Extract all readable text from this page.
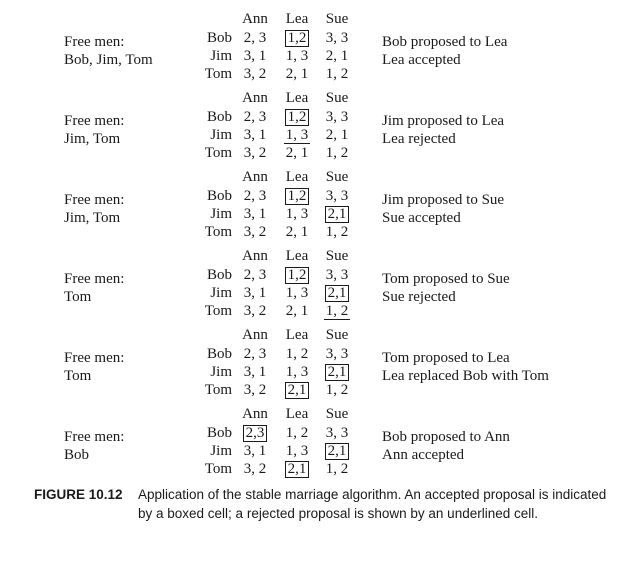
Free men:
Bob, Jim, Tom
Ann	Lea	Sue
Bob 2, 3	1,2	3, 3
Jim 3, 1	1, 3	2, 1
Tom 3, 2	2, 1	1, 2
Bob proposed to Lea
Lea accepted
Free men:
Jim, Tom
Ann	Lea	Sue
Bob 2, 3	1,2	3, 3
Jim 3, 1	1, 3	2, 1
Tom 3, 2	2, 1	1, 2
Jim proposed to Lea
Lea rejected
Free men:
Jim, Tom
Ann	Lea	Sue
Bob 2, 3	1,2	3, 3
Jim 3, 1	1, 3	2,1
Tom 3, 2	2, 1	1, 2
Jim proposed to Sue
Sue accepted
Free men:
Tom
Ann	Lea	Sue
Bob 2, 3	1,2	3, 3
Jim 3, 1	1, 3	2,1
Tom 3, 2	2, 1	1, 2
Tom proposed to Sue
Sue rejected
Free men:
Tom
Ann	Lea	Sue
Bob 2, 3	1, 2	3, 3
Jim 3, 1	1, 3	2,1
Tom 3, 2	2,1	1, 2
Tom proposed to Lea
Lea replaced Bob with Tom
Free men:
Bob
Ann	Lea	Sue
Bob 2,3	1, 2	3, 3
Jim 3, 1	1, 3	2,1
Tom 3, 2	2,1	1, 2
Bob proposed to Ann
Ann accepted
FIGURE 10.12 Application of the stable marriage algorithm. An accepted proposal is indicated by a boxed cell; a rejected proposal is shown by an underlined cell.
